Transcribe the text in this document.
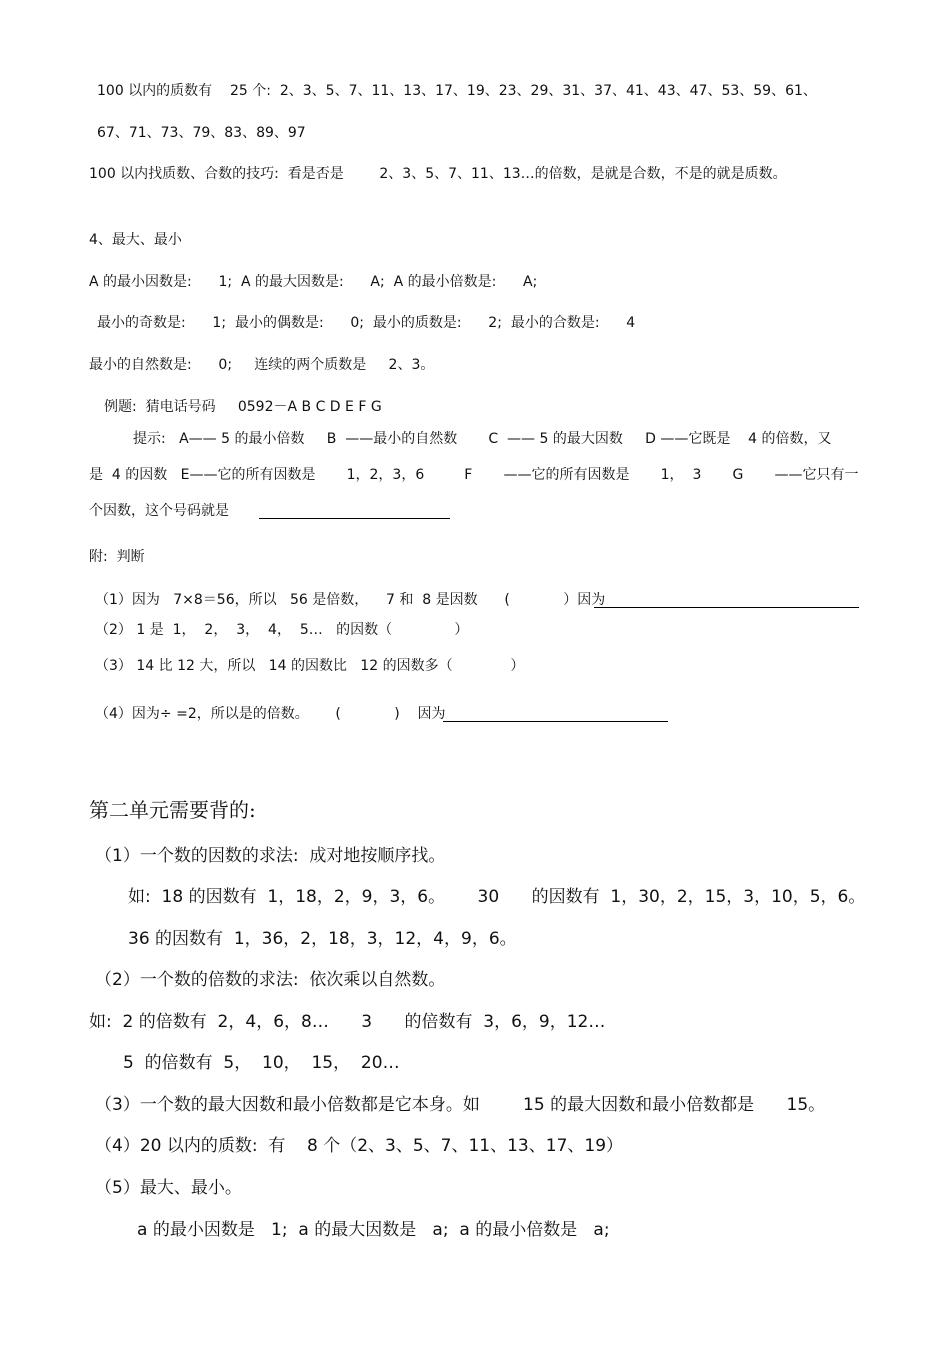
100 以内的质数有    25 个:  2、3、5、7、11、13、17、19、23、29、31、37、41、43、47、53、59、61、
67、71、73、79、83、89、97
100 以内找质数、合数的技巧:  看是否是        2、3、5、7、11、13…的倍数，是就是合数，不是的就是质数。
4、最大、最小
A 的最小因数是:      1;  A 的最大因数是:      A;  A 的最小倍数是:      A;
最小的奇数是:      1;  最小的偶数是:      0;  最小的质数是:      2;  最小的合数是:      4
最小的自然数是:      0;     连续的两个质数是     2、3。
例题:  猜电话号码     0592－A B C D E F G
提示:   A—— 5 的最小倍数     B  ——最小的自然数       C  —— 5 的最大因数     D ——它既是    4 的倍数，又
是  4 的因数   E——它的所有因数是       1，2，3，6         F       ——它的所有因数是       1，  3       G       ——它只有一
个因数，这个号码就是
附:  判断
（1）因为   7×8＝56，所以   56 是倍数，    7 和  8 是因数      (            ）因为
（2） 1 是  1，  2，  3，  4，  5…   的因数（              ）
（3） 14 比 12 大，所以   14 的因数比   12 的因数多（             ）
（4）因为÷ =2，所以是的倍数。      (            )    因为
第二单元需要背的:
（1）一个数的因数的求法:  成对地按顺序找。
如:  18 的因数有  1，18，2，9，3，6。      30      的因数有  1，30，2，15，3，10，5，6。
36 的因数有  1，36，2，18，3，12，4，9，6。
（2）一个数的倍数的求法:  依次乘以自然数。
如:  2 的倍数有  2，4，6，8…      3      的倍数有  3，6，9，12…
5  的倍数有  5，  10，  15，  20…
（3）一个数的最大因数和最小倍数都是它本身。如        15 的最大因数和最小倍数都是      15。
（4）20 以内的质数:  有    8 个（2、3、5、7、11、13、17、19）
（5）最大、最小。
a 的最小因数是   1;  a 的最大因数是   a;  a 的最小倍数是   a;
